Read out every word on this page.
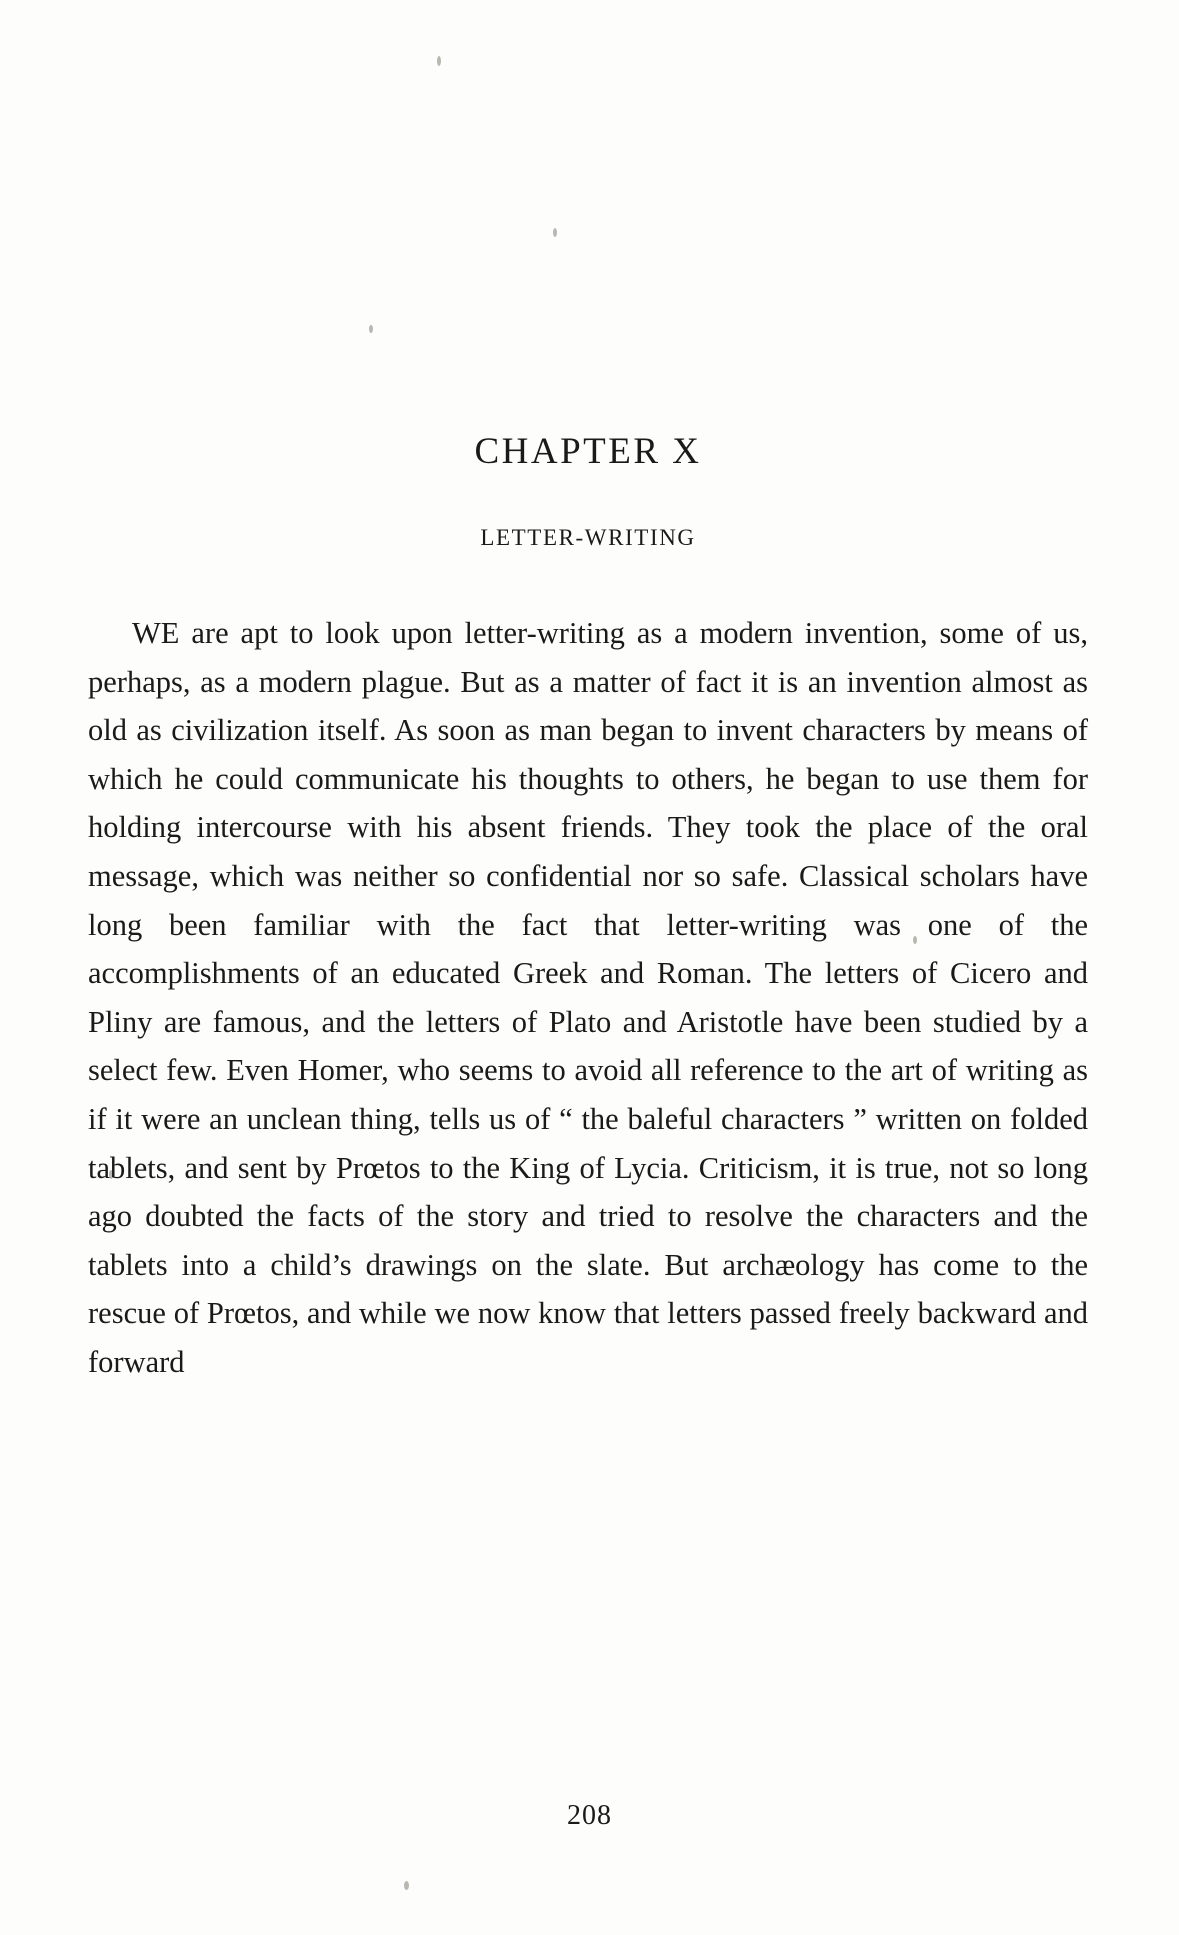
CHAPTER X
LETTER-WRITING

WE are apt to look upon letter-writing as a modern invention, some of us, perhaps, as a modern plague. But as a matter of fact it is an invention almost as old as civilization itself. As soon as man began to invent characters by means of which he could communicate his thoughts to others, he began to use them for holding intercourse with his absent friends. They took the place of the oral message, which was neither so confidential nor so safe. Classical scholars have long been familiar with the fact that letter-writing was one of the accomplishments of an educated Greek and Roman. The letters of Cicero and Pliny are famous, and the letters of Plato and Aristotle have been studied by a select few. Even Homer, who seems to avoid all reference to the art of writing as if it were an unclean thing, tells us of “ the baleful characters ” written on folded tablets, and sent by Prœtos to the King of Lycia. Criticism, it is true, not so long ago doubted the facts of the story and tried to resolve the characters and the tablets into a child’s drawings on the slate. But archæology has come to the rescue of Prœtos, and while we now know that letters passed freely backward and forward

208
